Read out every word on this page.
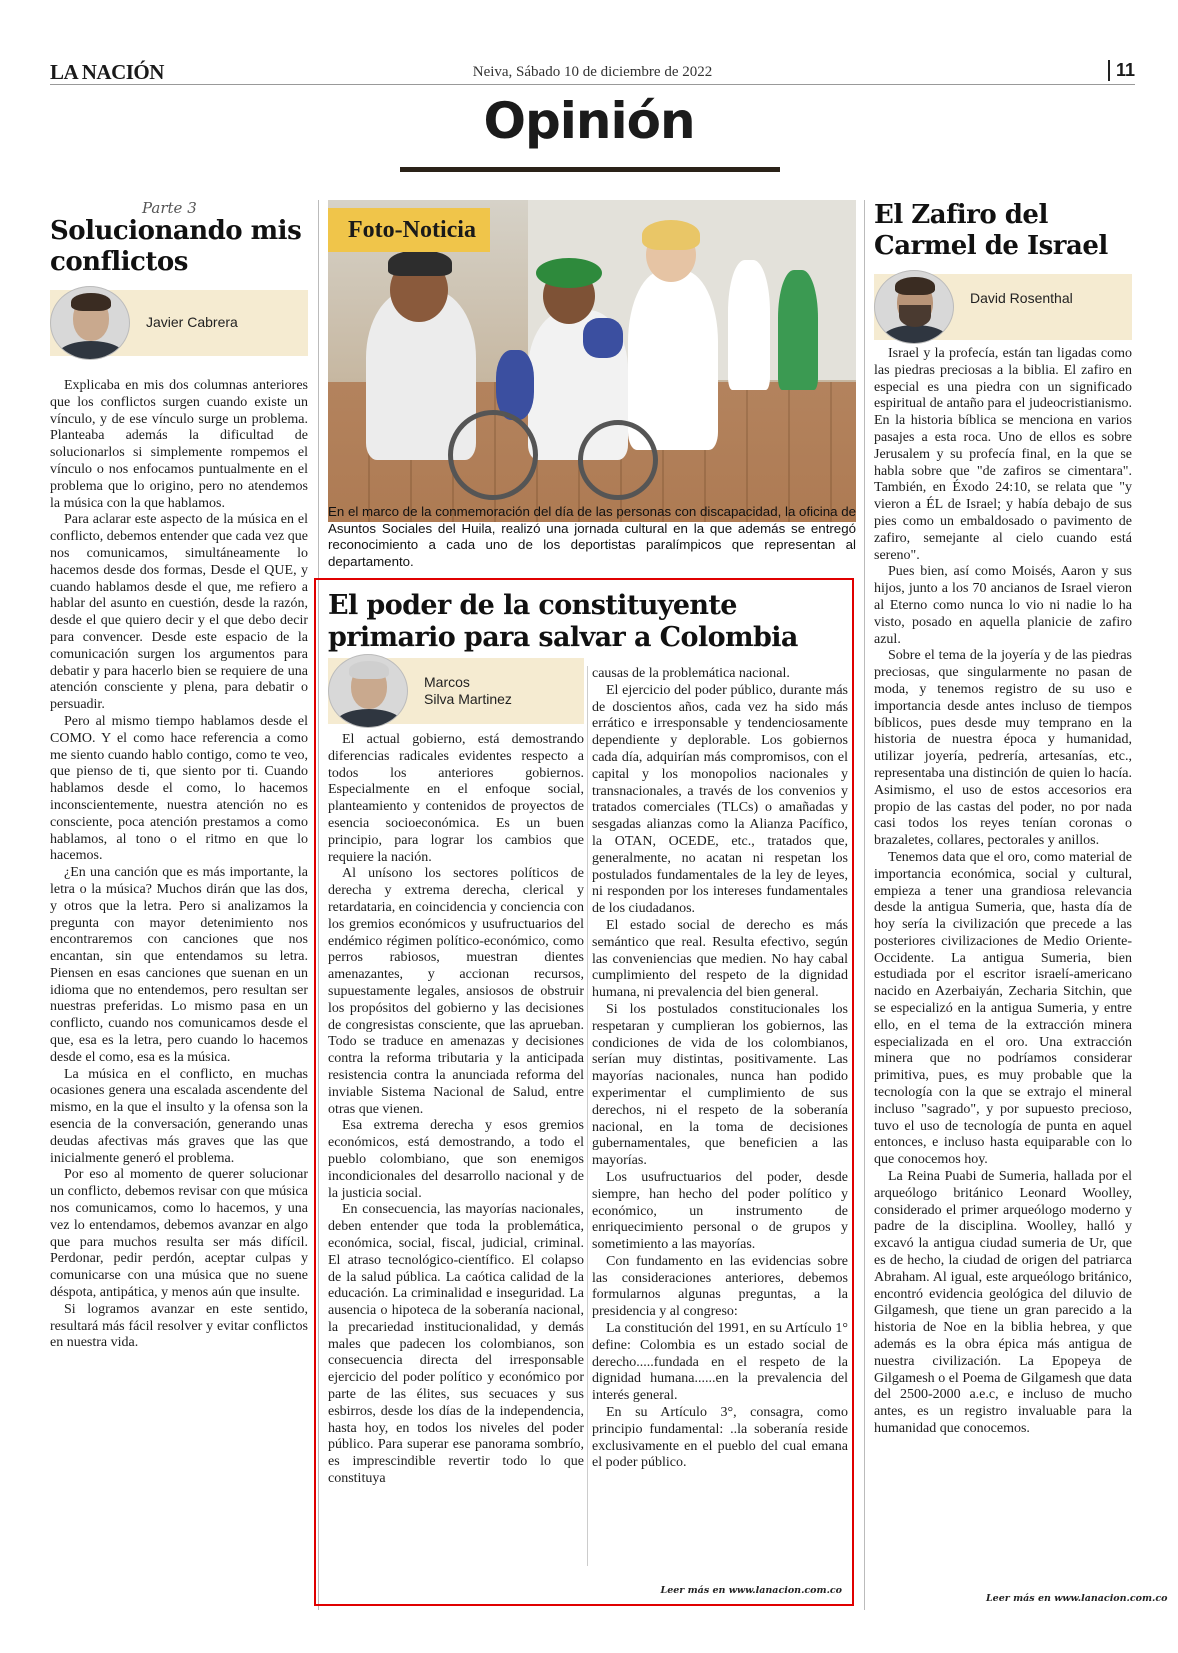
LA NACIÓN	Neiva, Sábado 10 de diciembre de 2022	11
Opinión
Parte 3
Solucionando mis conflictos
Javier Cabrera

Explicaba en mis dos columnas anteriores que los conflictos surgen cuando existe un vínculo, y de ese vínculo surge un problema. Planteaba además la dificultad de solucionarlos si simplemente rompemos el vínculo o nos enfocamos puntualmente en el problema que lo origino, pero no atendemos la música con la que hablamos.

Para aclarar este aspecto de la música en el conflicto, debemos entender que cada vez que nos comunicamos, simultáneamente lo hacemos desde dos formas, Desde el QUE, y cuando hablamos desde el que, me refiero a hablar del asunto en cuestión, desde la razón, desde el que quiero decir y el que debo decir para convencer. Desde este espacio de la comunicación surgen los argumentos para debatir y para hacerlo bien se requiere de una atención consciente y plena, para debatir o persuadir.

Pero al mismo tiempo hablamos desde el COMO. Y el como hace referencia a como me siento cuando hablo contigo, como te veo, que pienso de ti, que siento por ti. Cuando hablamos desde el como, lo hacemos inconscientemente, nuestra atención no es consciente, poca atención prestamos a como hablamos, al tono o el ritmo en que lo hacemos.

¿En una canción que es más importante, la letra o la música? Muchos dirán que las dos, y otros que la letra. Pero si analizamos la pregunta con mayor detenimiento nos encontraremos con canciones que nos encantan, sin que entendamos su letra. Piensen en esas canciones que suenan en un idioma que no entendemos, pero resultan ser nuestras preferidas. Lo mismo pasa en un conflicto, cuando nos comunicamos desde el que, esa es la letra, pero cuando lo hacemos desde el como, esa es la música.

La música en el conflicto, en muchas ocasiones genera una escalada ascendente del mismo, en la que el insulto y la ofensa son la esencia de la conversación, generando unas deudas afectivas más graves que las que inicialmente generó el problema.

Por eso al momento de querer solucionar un conflicto, debemos revisar con que música nos comunicamos, como lo hacemos, y una vez lo entendamos, debemos avanzar en algo que para muchos resulta ser más difícil. Perdonar, pedir perdón, aceptar culpas y comunicarse con una música que no suene déspota, antipática, y menos aún que insulte.

Si logramos avanzar en este sentido, resultará más fácil resolver y evitar conflictos en nuestra vida.

Foto-Noticia
En el marco de la conmemoración del día de las personas con discapacidad, la oficina de Asuntos Sociales del Huila, realizó una jornada cultural en la que además se entregó reconocimiento a cada uno de los deportistas paralímpicos que representan al departamento.
El poder de la constituyente primario para salvar a Colombia
Marcos
Silva Martinez

El actual gobierno, está demostrando diferencias radicales evidentes respecto a todos los anteriores gobiernos. Especialmente en el enfoque social, planteamiento y contenidos de proyectos de esencia socioeconómica. Es un buen principio, para lograr los cambios que requiere la nación.

Al unísono los sectores políticos de derecha y extrema derecha, clerical y retardataria, en coincidencia y conciencia con los gremios económicos y usufructuarios del endémico régimen político-económico, como perros rabiosos, muestran dientes amenazantes, y accionan recursos, supuestamente legales, ansiosos de obstruir los propósitos del gobierno y las decisiones de congresistas consciente, que las aprueban. Todo se traduce en amenazas y decisiones contra la reforma tributaria y la anticipada resistencia contra la anunciada reforma del inviable Sistema Nacional de Salud, entre otras que vienen.

Esa extrema derecha y esos gremios económicos, está demostrando, a todo el pueblo colombiano, que son enemigos incondicionales del desarrollo nacional y de la justicia social.

En consecuencia, las mayorías nacionales, deben entender que toda la problemática, económica, social, fiscal, judicial, criminal. El atraso tecnológico-científico. El colapso de la salud pública. La caótica calidad de la educación. La criminalidad e inseguridad. La ausencia o hipoteca de la soberanía nacional, la precariedad institucionalidad, y demás males que padecen los colombianos, son consecuencia directa del irresponsable ejercicio del poder político y económico por parte de las élites, sus secuaces y sus esbirros, desde los días de la independencia, hasta hoy, en todos los niveles del poder público. Para superar ese panorama sombrío, es imprescindible revertir todo lo que constituya

causas de la problemática nacional.

El ejercicio del poder público, durante más de doscientos años, cada vez ha sido más errático e irresponsable y tendenciosamente dependiente y deplorable. Los gobiernos cada día, adquirían más compromisos, con el capital y los monopolios nacionales y transnacionales, a través de los convenios y tratados comerciales (TLCs) o amañadas y sesgadas alianzas como la Alianza Pacífico, la OTAN, OCEDE, etc., tratados que, generalmente, no acatan ni respetan los postulados fundamentales de la ley de leyes, ni responden por los intereses fundamentales de los ciudadanos.

El estado social de derecho es más semántico que real. Resulta efectivo, según las conveniencias que medien. No hay cabal cumplimiento del respeto de la dignidad humana, ni prevalencia del bien general.

Si los postulados constitucionales los respetaran y cumplieran los gobiernos, las condiciones de vida de los colombianos, serían muy distintas, positivamente. Las mayorías nacionales, nunca han podido experimentar el cumplimiento de sus derechos, ni el respeto de la soberanía nacional, en la toma de decisiones gubernamentales, que beneficien a las mayorías.

Los usufructuarios del poder, desde siempre, han hecho del poder político y económico, un instrumento de enriquecimiento personal o de grupos y sometimiento a las mayorías.

Con fundamento en las evidencias sobre las consideraciones anteriores, debemos formularnos algunas preguntas, a la presidencia y al congreso:

La constitución del 1991, en su Artículo 1° define: Colombia es un estado social de derecho.....fundada en el respeto de la dignidad humana......en la prevalencia del interés general.

En su Artículo 3°, consagra, como principio fundamental: ..la soberanía reside exclusivamente en el pueblo del cual emana el poder público.

Leer más en www.lanacion.com.co
El Zafiro del Carmel de Israel
David Rosenthal

Israel y la profecía, están tan ligadas como las piedras preciosas a la biblia. El zafiro en especial es una piedra con un significado espiritual de antaño para el judeocristianismo. En la historia bíblica se menciona en varios pasajes a esta roca. Uno de ellos es sobre Jerusalem y su profecía final, en la que se habla sobre que "de zafiros se cimentara". También, en Éxodo 24:10, se relata que "y vieron a ÉL de Israel; y había debajo de sus pies como un embaldosado o pavimento de zafiro, semejante al cielo cuando está sereno".

Pues bien, así como Moisés, Aaron y sus hijos, junto a los 70 ancianos de Israel vieron al Eterno como nunca lo vio ni nadie lo ha visto, posado en aquella planicie de zafiro azul.

Sobre el tema de la joyería y de las piedras preciosas, que singularmente no pasan de moda, y tenemos registro de su uso e importancia desde antes incluso de tiempos bíblicos, pues desde muy temprano en la historia de nuestra época y humanidad, utilizar joyería, pedrería, artesanías, etc., representaba una distinción de quien lo hacía. Asimismo, el uso de estos accesorios era propio de las castas del poder, no por nada casi todos los reyes tenían coronas o brazaletes, collares, pectorales y anillos.

Tenemos data que el oro, como material de importancia económica, social y cultural, empieza a tener una grandiosa relevancia desde la antigua Sumeria, que, hasta día de hoy sería la civilización que precede a las posteriores civilizaciones de Medio Oriente-Occidente. La antigua Sumeria, bien estudiada por el escritor israelí-americano nacido en Azerbaiyán, Zecharia Sitchin, que se especializó en la antigua Sumeria, y entre ello, en el tema de la extracción minera especializada en el oro. Una extracción minera que no podríamos considerar primitiva, pues, es muy probable que la tecnología con la que se extrajo el mineral incluso "sagrado", y por supuesto precioso, tuvo el uso de tecnología de punta en aquel entonces, e incluso hasta equiparable con lo que conocemos hoy.

La Reina Puabi de Sumeria, hallada por el arqueólogo británico Leonard Woolley, considerado el primer arqueólogo moderno y padre de la disciplina. Woolley, halló y excavó la antigua ciudad sumeria de Ur, que es de hecho, la ciudad de origen del patriarca Abraham. Al igual, este arqueólogo británico, encontró evidencia geológica del diluvio de Gilgamesh, que tiene un gran parecido a la historia de Noe en la biblia hebrea, y que además es la obra épica más antigua de nuestra civilización. La Epopeya de Gilgamesh o el Poema de Gilgamesh que data del 2500-2000 a.e.c, e incluso de mucho antes, es un registro invaluable para la humanidad que conocemos.

Leer más en www.lanacion.com.co
